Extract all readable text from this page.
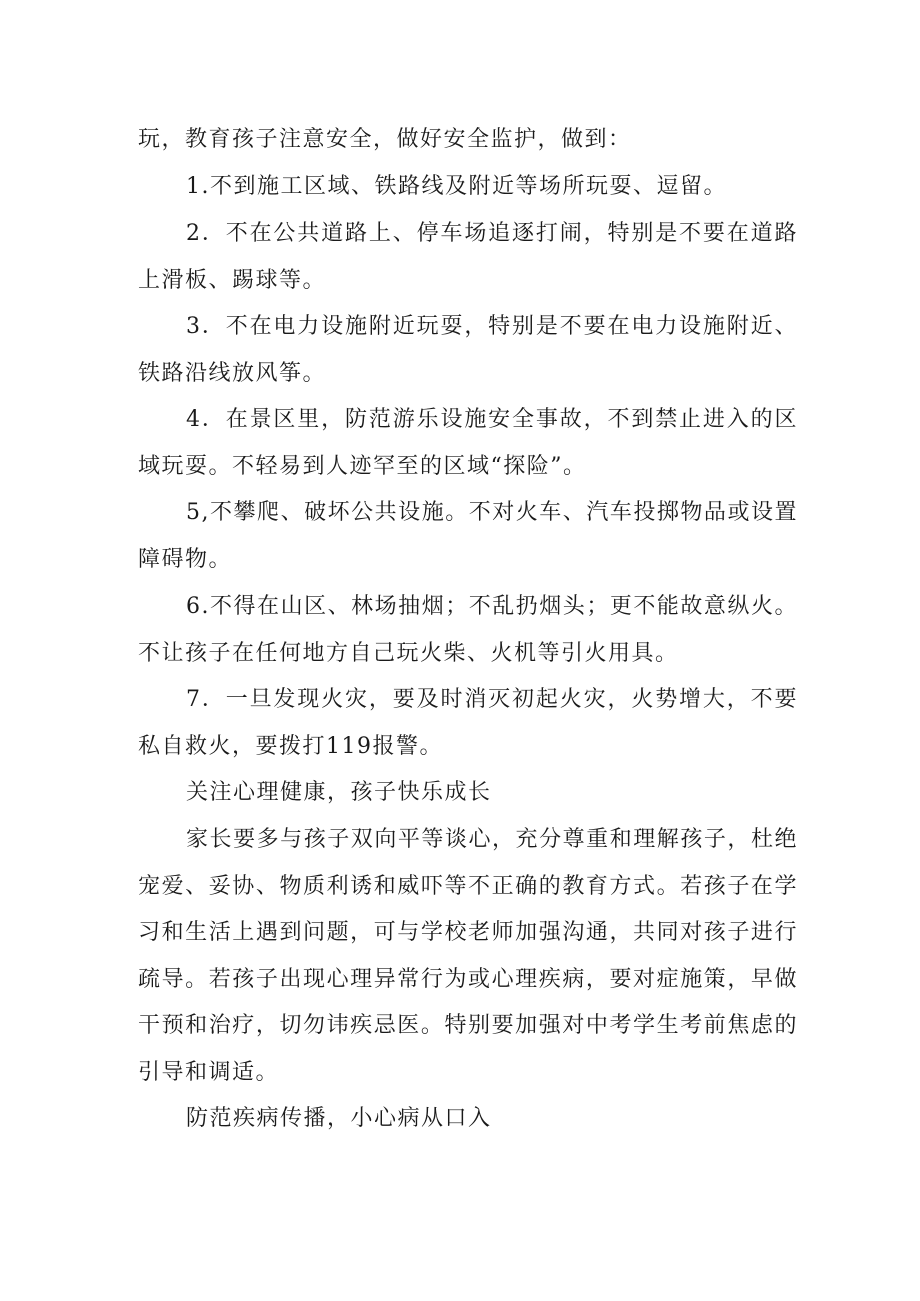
玩，教育孩子注意安全，做好安全监护，做到：

1.不到施工区域、铁路线及附近等场所玩耍、逗留。

2．不在公共道路上、停车场追逐打闹，特别是不要在道路上滑板、踢球等。

3．不在电力设施附近玩耍，特别是不要在电力设施附近、铁路沿线放风筝。

4．在景区里，防范游乐设施安全事故，不到禁止进入的区域玩耍。不轻易到人迹罕至的区域“探险”。

5,不攀爬、破坏公共设施。不对火车、汽车投掷物品或设置障碍物。

6.不得在山区、林场抽烟；不乱扔烟头；更不能故意纵火。不让孩子在任何地方自己玩火柴、火机等引火用具。

7．一旦发现火灾，要及时消灭初起火灾，火势增大，不要私自救火，要拨打119报警。

关注心理健康，孩子快乐成长

家长要多与孩子双向平等谈心，充分尊重和理解孩子，杜绝宠爱、妥协、物质利诱和威吓等不正确的教育方式。若孩子在学习和生活上遇到问题，可与学校老师加强沟通，共同对孩子进行疏导。若孩子出现心理异常行为或心理疾病，要对症施策，早做干预和治疗，切勿讳疾忌医。特别要加强对中考学生考前焦虑的引导和调适。

防范疾病传播，小心病从口入
